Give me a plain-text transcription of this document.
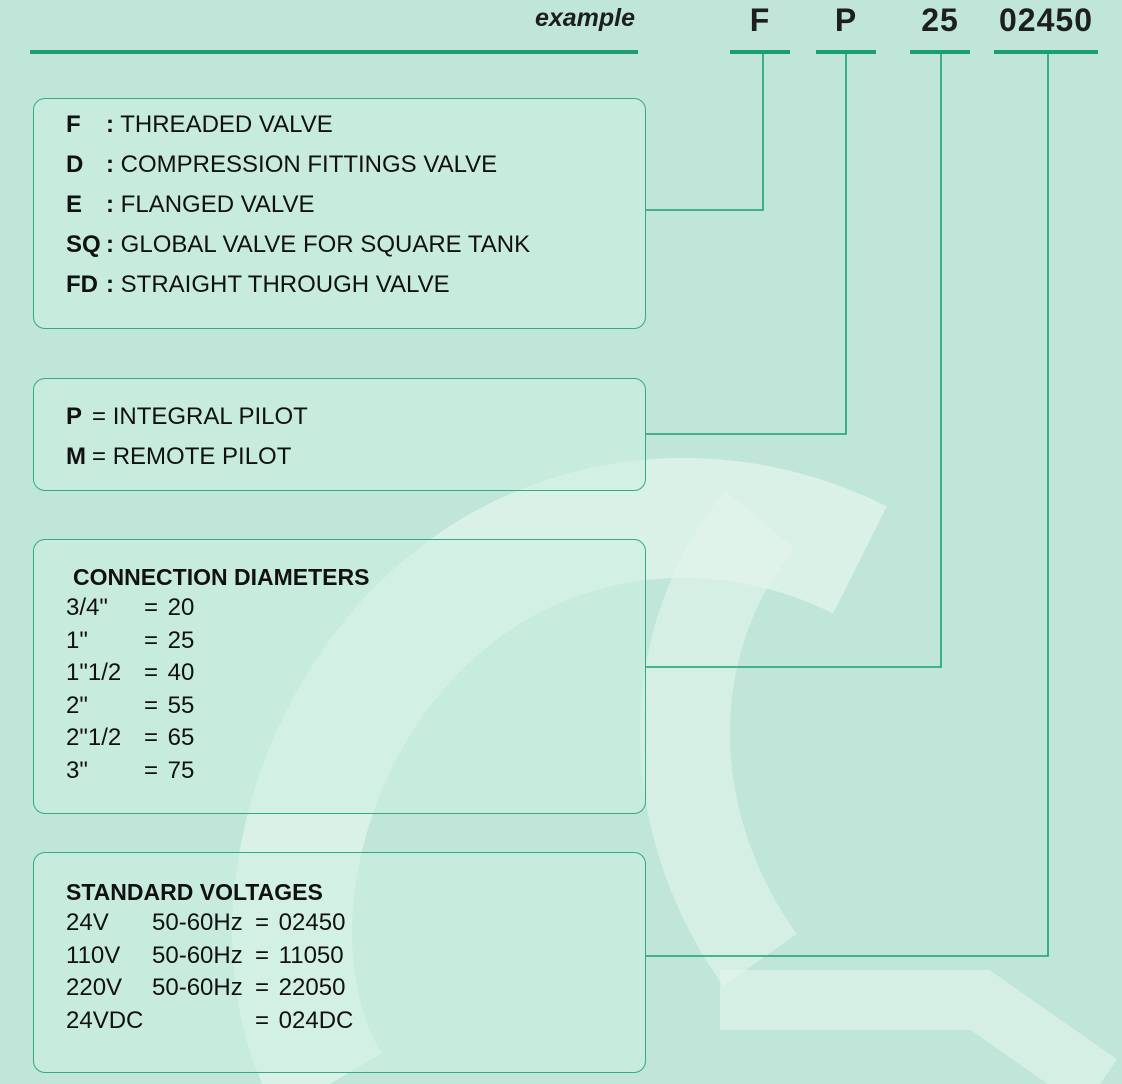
example	F	P	25	02450
F : THREADED VALVE
D : COMPRESSION FITTINGS VALVE
E : FLANGED VALVE
SQ : GLOBAL VALVE FOR SQUARE TANK
FD : STRAIGHT THROUGH VALVE
P = INTEGRAL PILOT
M = REMOTE PILOT
CONNECTION DIAMETERS
3/4" = 20
1" = 25
1"1/2 = 40
2" = 55
2"1/2 = 65
3" = 75
STANDARD VOLTAGES
24V 50-60Hz = 02450
110V 50-60Hz = 11050
220V 50-60Hz = 22050
24VDC	= 024DC
